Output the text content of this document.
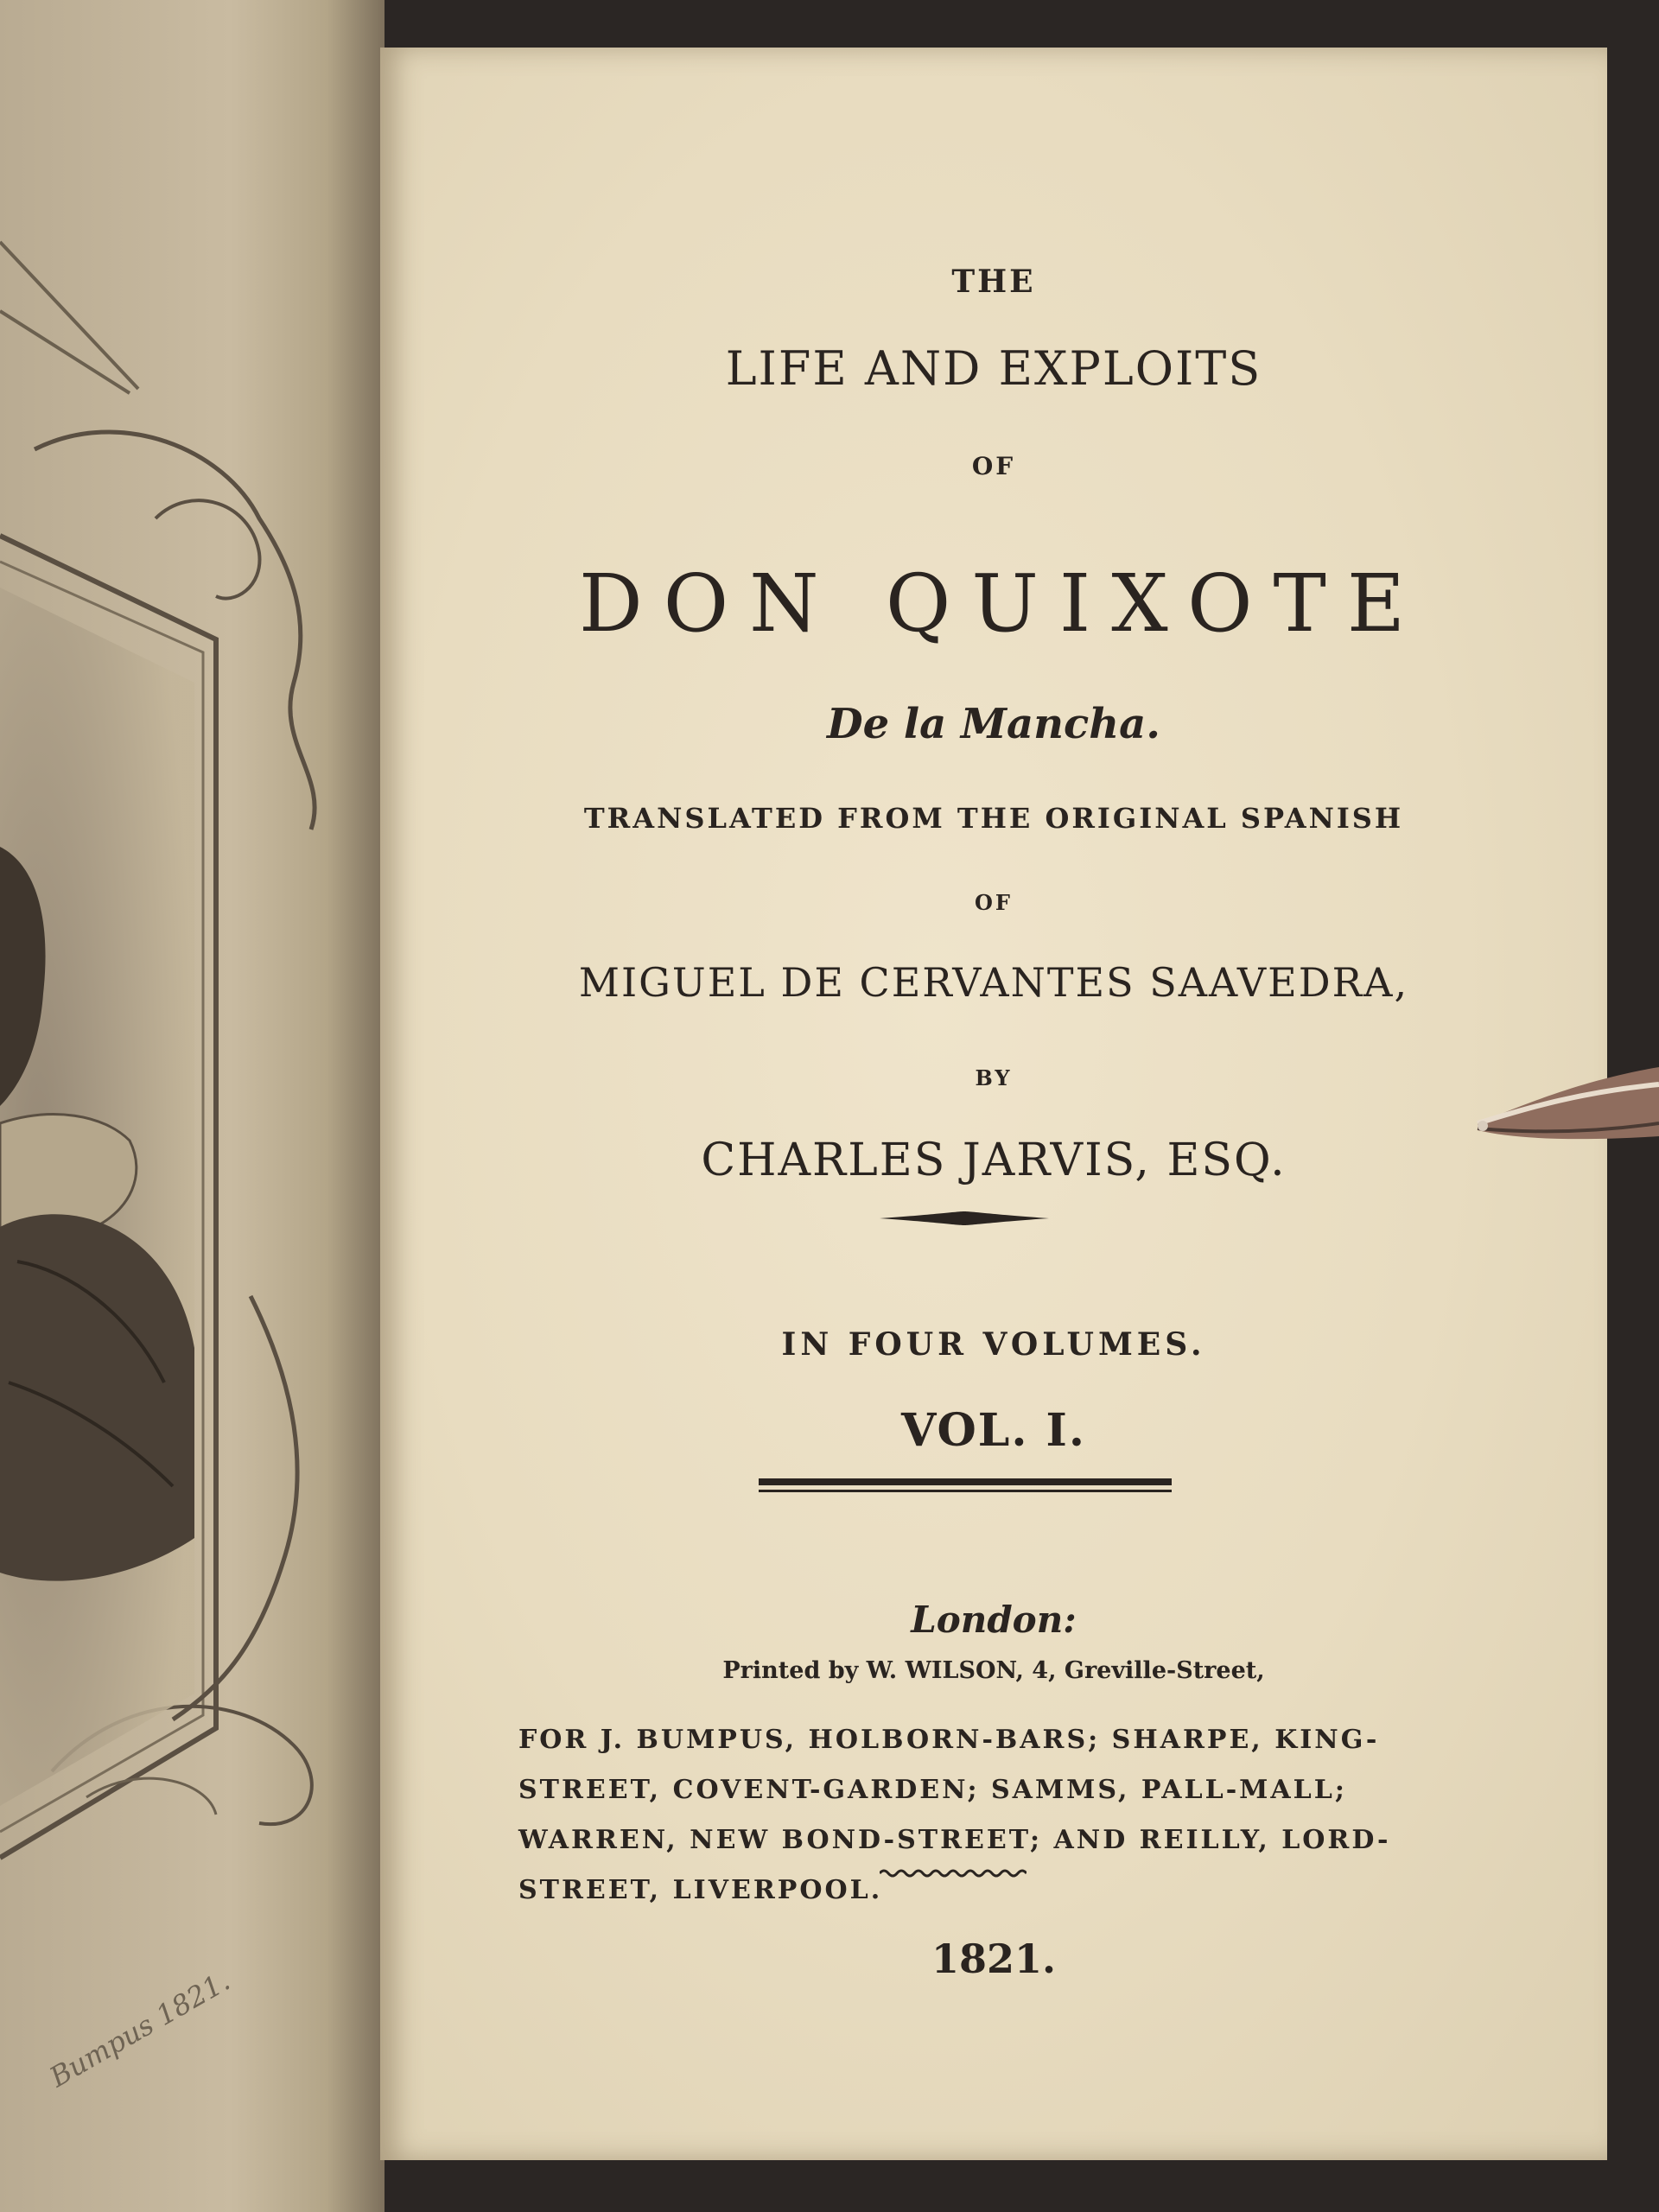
Bumpus 1821.
THE
LIFE AND EXPLOITS
OF
DON QUIXOTE
De la Mancha.
TRANSLATED FROM THE ORIGINAL SPANISH
OF
MIGUEL DE CERVANTES SAAVEDRA,
BY
CHARLES JARVIS, ESQ.
IN FOUR VOLUMES.
VOL. I.
London:
Printed by W. WILSON, 4, Greville-Street,
FOR J. BUMPUS, HOLBORN-BARS; SHARPE, KING-
STREET, COVENT-GARDEN; SAMMS, PALL-MALL;
WARREN, NEW BOND-STREET; AND REILLY, LORD-
STREET, LIVERPOOL.
1821.
